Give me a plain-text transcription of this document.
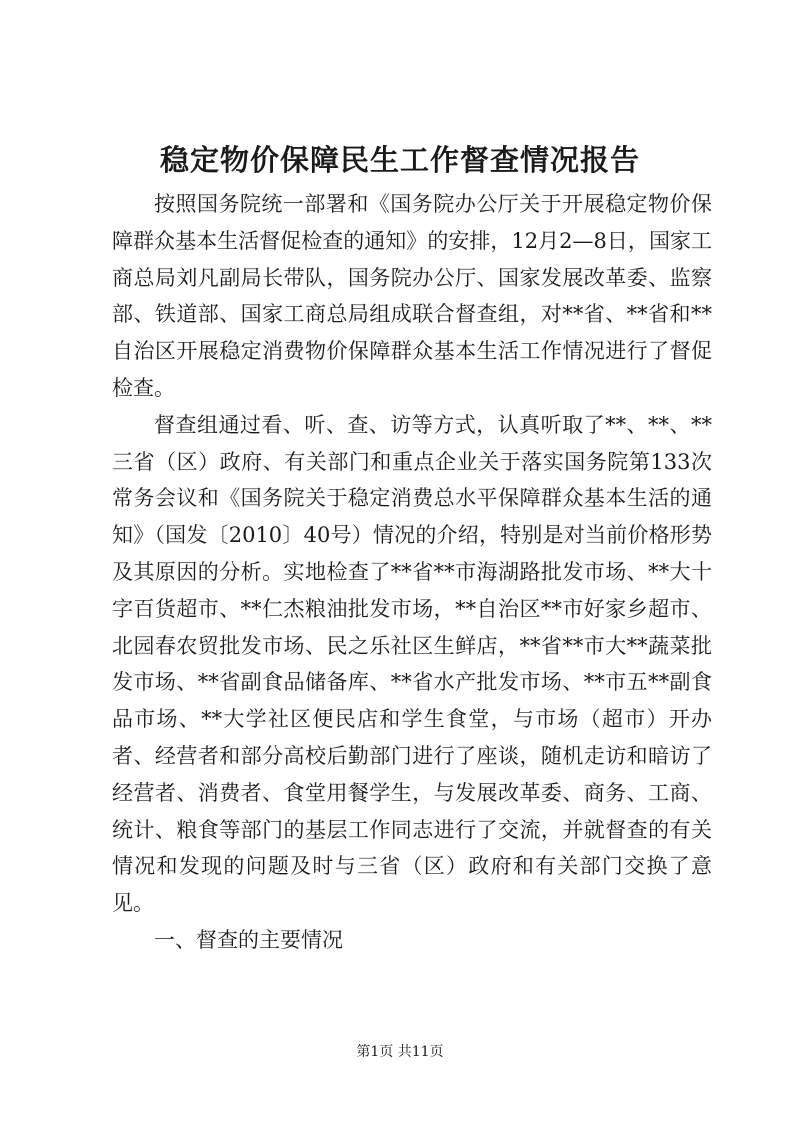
稳定物价保障民生工作督查情况报告

按照国务院统一部署和《国务院办公厅关于开展稳定物价保障群众基本生活督促检查的通知》的安排，12月2—8日，国家工商总局刘凡副局长带队，国务院办公厅、国家发展改革委、监察部、铁道部、国家工商总局组成联合督查组，对**省、**省和**自治区开展稳定消费物价保障群众基本生活工作情况进行了督促检查。

督查组通过看、听、查、访等方式，认真听取了**、**、**三省（区）政府、有关部门和重点企业关于落实国务院第133次常务会议和《国务院关于稳定消费总水平保障群众基本生活的通知》（国发〔2010〕40号）情况的介绍，特别是对当前价格形势及其原因的分析。实地检查了**省**市海湖路批发市场、**大十字百货超市、**仁杰粮油批发市场，**自治区**市好家乡超市、北园春农贸批发市场、民之乐社区生鲜店，**省**市大**蔬菜批发市场、**省副食品储备库、**省水产批发市场、**市五**副食品市场、**大学社区便民店和学生食堂，与市场（超市）开办者、经营者和部分高校后勤部门进行了座谈，随机走访和暗访了经营者、消费者、食堂用餐学生，与发展改革委、商务、工商、统计、粮食等部门的基层工作同志进行了交流，并就督查的有关情况和发现的问题及时与三省（区）政府和有关部门交换了意见。

一、督查的主要情况

第1页 共11页
